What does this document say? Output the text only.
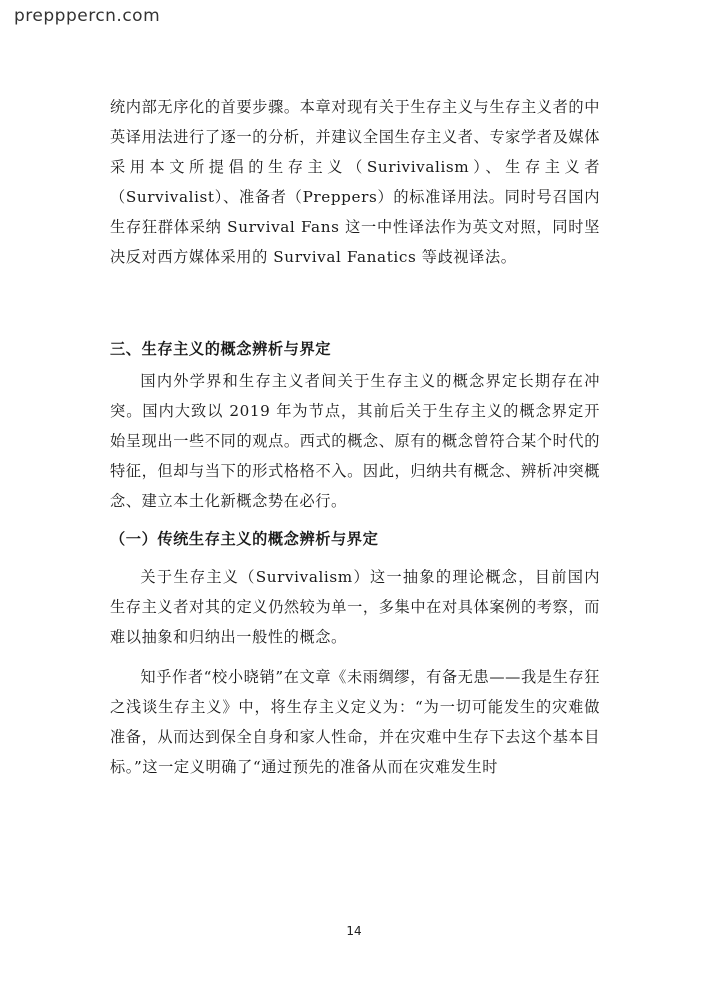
prepppercn.com

统内部无序化的首要步骤。本章对现有关于生存主义与生存主义者的中英译用法进行了逐一的分析，并建议全国生存主义者、专家学者及媒体采用本文所提倡的生存主义（Surivivalism）、生存主义者（Survivalist）、准备者（Preppers）的标准译用法。同时号召国内生存狂群体采纳 Survival Fans 这一中性译法作为英文对照，同时坚决反对西方媒体采用的 Survival Fanatics 等歧视译法。

三、生存主义的概念辨析与界定

国内外学界和生存主义者间关于生存主义的概念界定长期存在冲突。国内大致以 2019 年为节点，其前后关于生存主义的概念界定开始呈现出一些不同的观点。西式的概念、原有的概念曾符合某个时代的特征，但却与当下的形式格格不入。因此，归纳共有概念、辨析冲突概念、建立本土化新概念势在必行。

（一）传统生存主义的概念辨析与界定

关于生存主义（Survivalism）这一抽象的理论概念，目前国内生存主义者对其的定义仍然较为单一，多集中在对具体案例的考察，而难以抽象和归纳出一般性的概念。

知乎作者“校小晓销”在文章《未雨绸缪，有备无患——我是生存狂之浅谈生存主义》中，将生存主义定义为：“为一切可能发生的灾难做准备，从而达到保全自身和家人性命，并在灾难中生存下去这个基本目标。”这一定义明确了“通过预先的准备从而在灾难发生时

14
